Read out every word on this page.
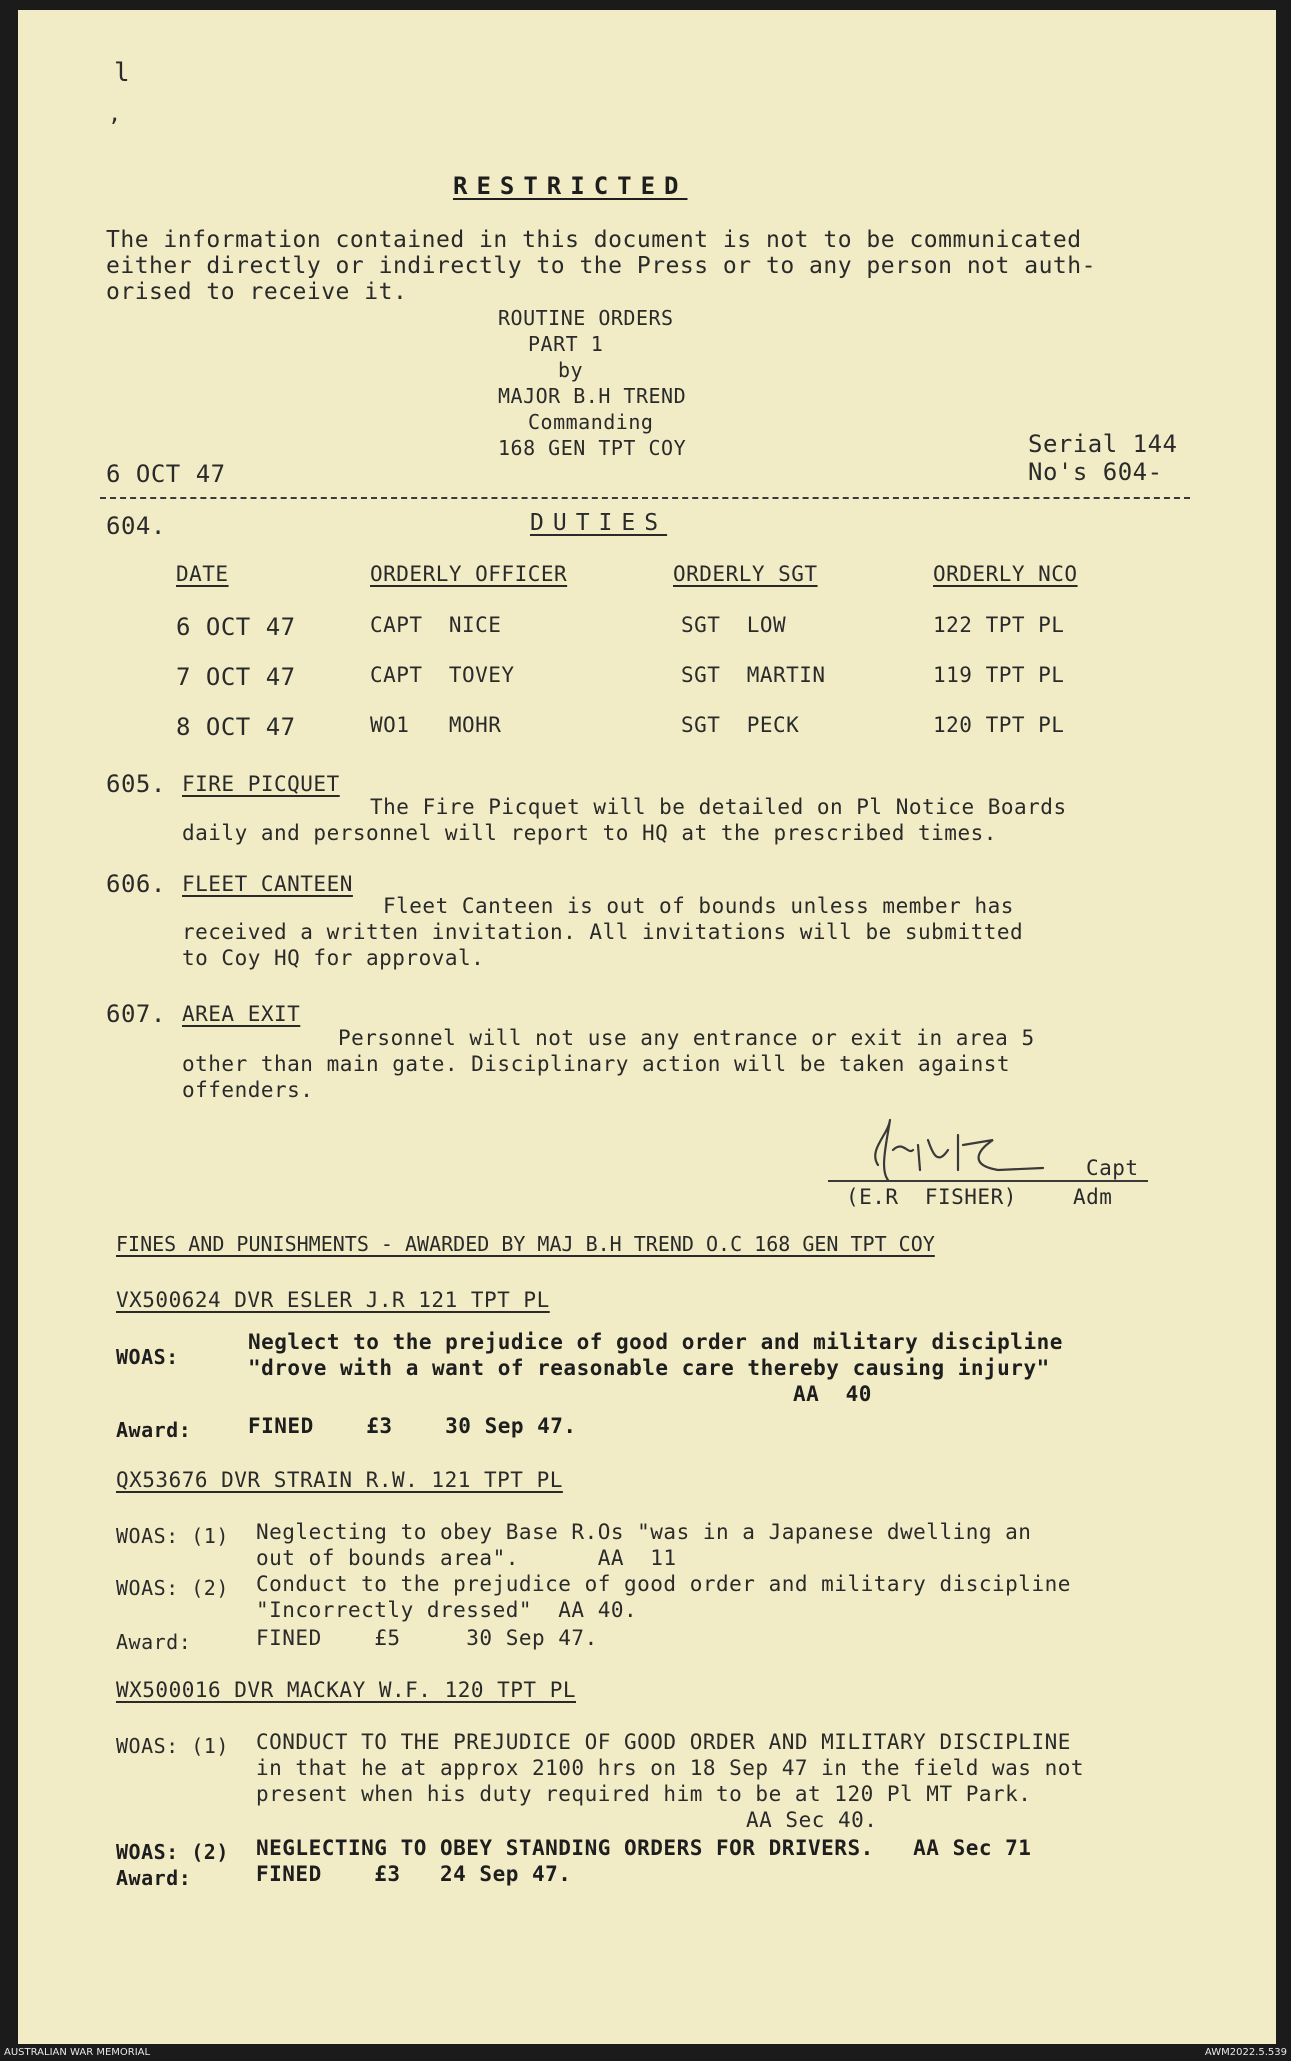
l
,
RESTRICTED
The information contained in this document is not to be communicated
either directly or indirectly to the Press or to any person not auth-
orised to receive it.
ROUTINE ORDERS
PART 1
by
MAJOR B.H TREND
Commanding
168 GEN TPT COY
6 OCT 47
Serial 144
No's 604-
604.	DUTIES
DATE	ORDERLY OFFICER	ORDERLY SGT	ORDERLY NCO
6 OCT 47	CAPT  NICE	SGT  LOW	122 TPT PL
7 OCT 47	CAPT  TOVEY	SGT  MARTIN	119 TPT PL
8 OCT 47	WO1   MOHR	SGT  PECK	120 TPT PL
605. FIRE PICQUET
The Fire Picquet will be detailed on Pl Notice Boards
daily and personnel will report to HQ at the prescribed times.
606. FLEET CANTEEN
Fleet Canteen is out of bounds unless member has
received a written invitation. All invitations will be submitted
to Coy HQ for approval.
607. AREA EXIT
Personnel will not use any entrance or exit in area 5
other than main gate. Disciplinary action will be taken against
offenders.
Capt
(E.R  FISHER)	Adm
FINES AND PUNISHMENTS - AWARDED BY MAJ B.H TREND O.C 168 GEN TPT COY
VX500624 DVR ESLER J.R 121 TPT PL
WOAS:
Neglect to the prejudice of good order and military discipline
"drove with a want of reasonable care thereby causing injury"
AA  40
Award:	FINED    £3    30 Sep 47.
QX53676 DVR STRAIN R.W. 121 TPT PL
WOAS: (1) Neglecting to obey Base R.Os "was in a Japanese dwelling an
out of bounds area".      AA  11
WOAS: (2) Conduct to the prejudice of good order and military discipline
"Incorrectly dressed"  AA 40.
Award:	FINED    £5     30 Sep 47.
WX500016 DVR MACKAY W.F. 120 TPT PL
WOAS: (1) CONDUCT TO THE PREJUDICE OF GOOD ORDER AND MILITARY DISCIPLINE
in that he at approx 2100 hrs on 18 Sep 47 in the field was not
present when his duty required him to be at 120 Pl MT Park.
AA Sec 40.
WOAS: (2) NEGLECTING TO OBEY STANDING ORDERS FOR DRIVERS.   AA Sec 71
Award:	FINED    £3   24 Sep 47.
AUSTRALIAN WAR MEMORIAL	AWM2022.5.539
